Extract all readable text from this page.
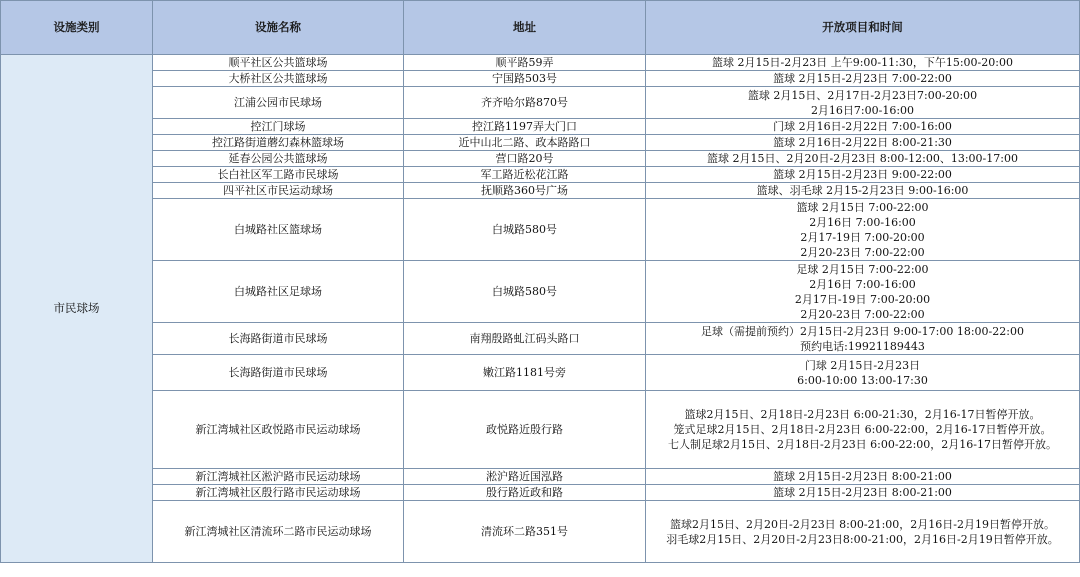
设施类别	设施名称	地址	开放项目和时间
市民球场	顺平社区公共篮球场	顺平路59弄	篮球 2月15日-2月23日 上午9:00-11:30，下午15:00-20:00

	大桥社区公共篮球场	宁国路503号	篮球 2月15日-2月23日 7:00-22:00

	江浦公园市民球场	齐齐哈尔路870号	篮球 2月15日、2月17日-2月23日7:00-20:00
2月16日7:00-16:00

	控江门球场	控江路1197弄大门口	门球 2月16日-2月22日 7:00-16:00

	控江路街道蘑幻森林篮球场	近中山北二路、政本路路口	篮球 2月16日-2月22日 8:00-21:30

	延春公园公共篮球场	营口路20号	篮球 2月15日、2月20日-2月23日 8:00-12:00、13:00-17:00

	长白社区军工路市民球场	军工路近松花江路	篮球 2月15日-2月23日 9:00-22:00

	四平社区市民运动球场	抚顺路360号广场	篮球、羽毛球 2月15-2月23日 9:00-16:00

	白城路社区篮球场	白城路580号	篮球 2月15日 7:00-22:00
2月16日 7:00-16:00
2月17-19日 7:00-20:00
2月20-23日 7:00-22:00

	白城路社区足球场	白城路580号	足球 2月15日 7:00-22:00
2月16日 7:00-16:00
2月17日-19日 7:00-20:00
2月20-23日 7:00-22:00

	长海路街道市民球场	南翔殷路虬江码头路口	足球（需提前预约）2月15日-2月23日 9:00-17:00 18:00-22:00
预约电话:19921189443

	长海路街道市民球场	嫩江路1181号旁	门球 2月15日-2月23日
6:00-10:00 13:00-17:30

	新江湾城社区政悦路市民运动球场	政悦路近殷行路	篮球2月15日、2月18日-2月23日 6:00-21:30，2月16-17日暂停开放。
笼式足球2月15日、2月18日-2月23日 6:00-22:00，2月16-17日暂停开放。
七人制足球2月15日、2月18日-2月23日 6:00-22:00，2月16-17日暂停开放。

	新江湾城社区淞沪路市民运动球场	淞沪路近国泓路	篮球 2月15日-2月23日 8:00-21:00

	新江湾城社区殷行路市民运动球场	殷行路近政和路	篮球 2月15日-2月23日 8:00-21:00

	新江湾城社区清流环二路市民运动球场	清流环二路351号	篮球2月15日、2月20日-2月23日 8:00-21:00，2月16日-2月19日暂停开放。
羽毛球2月15日、2月20日-2月23日8:00-21:00，2月16日-2月19日暂停开放。
